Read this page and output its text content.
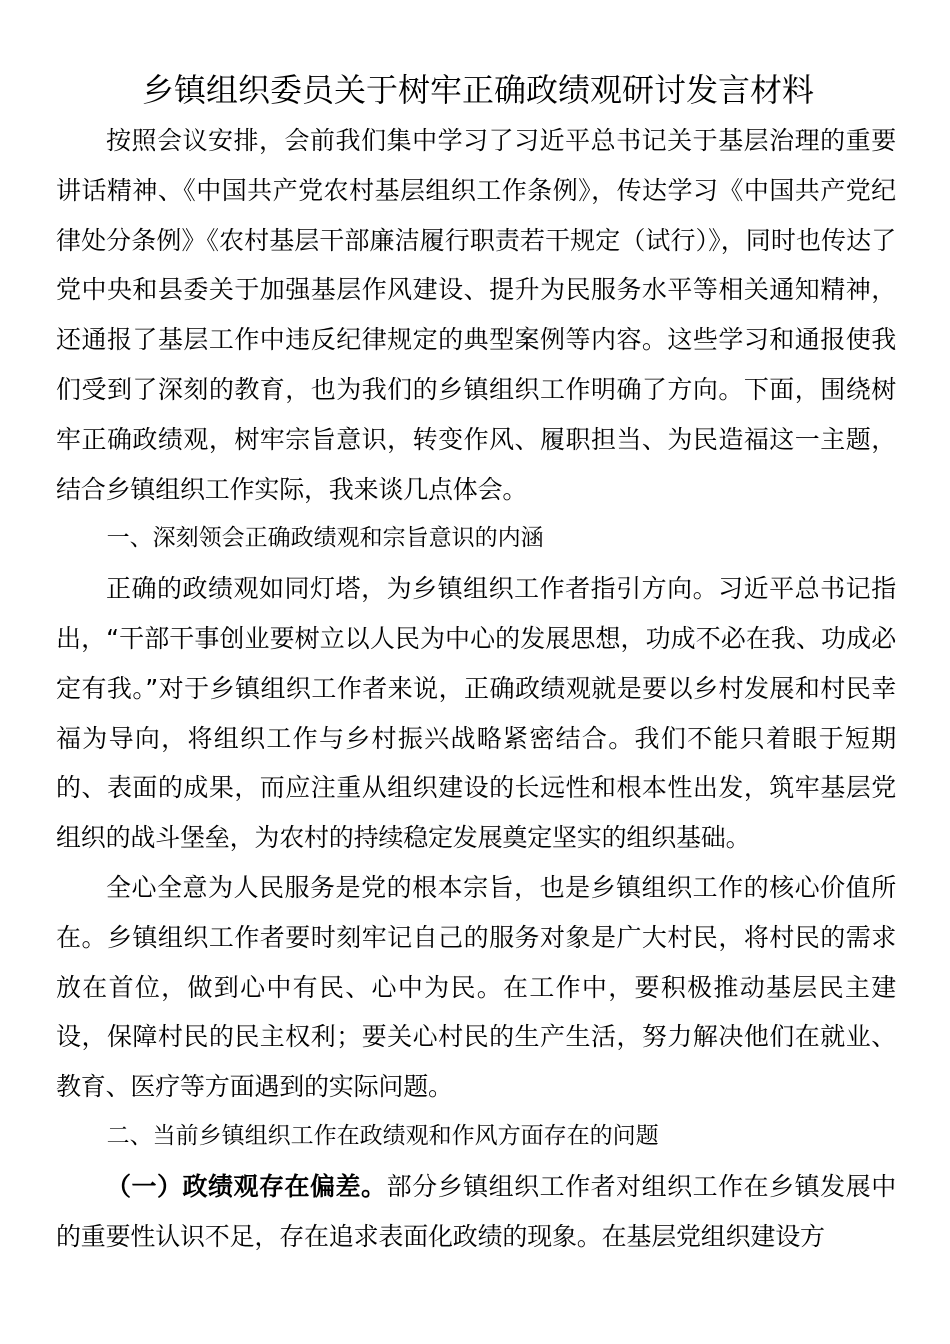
乡镇组织委员关于树牢正确政绩观研讨发言材料

按照会议安排，会前我们集中学习了习近平总书记关于基层治理的重要讲话精神、《中国共产党农村基层组织工作条例》，传达学习《中国共产党纪律处分条例》《农村基层干部廉洁履行职责若干规定（试行）》，同时也传达了党中央和县委关于加强基层作风建设、提升为民服务水平等相关通知精神，还通报了基层工作中违反纪律规定的典型案例等内容。这些学习和通报使我们受到了深刻的教育，也为我们的乡镇组织工作明确了方向。下面，围绕树牢正确政绩观，树牢宗旨意识，转变作风、履职担当、为民造福这一主题，结合乡镇组织工作实际，我来谈几点体会。

一、深刻领会正确政绩观和宗旨意识的内涵

正确的政绩观如同灯塔，为乡镇组织工作者指引方向。习近平总书记指出，“干部干事创业要树立以人民为中心的发展思想，功成不必在我、功成必定有我。”对于乡镇组织工作者来说，正确政绩观就是要以乡村发展和村民幸福为导向，将组织工作与乡村振兴战略紧密结合。我们不能只着眼于短期的、表面的成果，而应注重从组织建设的长远性和根本性出发，筑牢基层党组织的战斗堡垒，为农村的持续稳定发展奠定坚实的组织基础。

全心全意为人民服务是党的根本宗旨，也是乡镇组织工作的核心价值所在。乡镇组织工作者要时刻牢记自己的服务对象是广大村民，将村民的需求放在首位，做到心中有民、心中为民。在工作中，要积极推动基层民主建设，保障村民的民主权利；要关心村民的生产生活，努力解决他们在就业、教育、医疗等方面遇到的实际问题。

二、当前乡镇组织工作在政绩观和作风方面存在的问题

（一）政绩观存在偏差。部分乡镇组织工作者对组织工作在乡镇发展中的重要性认识不足，存在追求表面化政绩的现象。在基层党组织建设方
